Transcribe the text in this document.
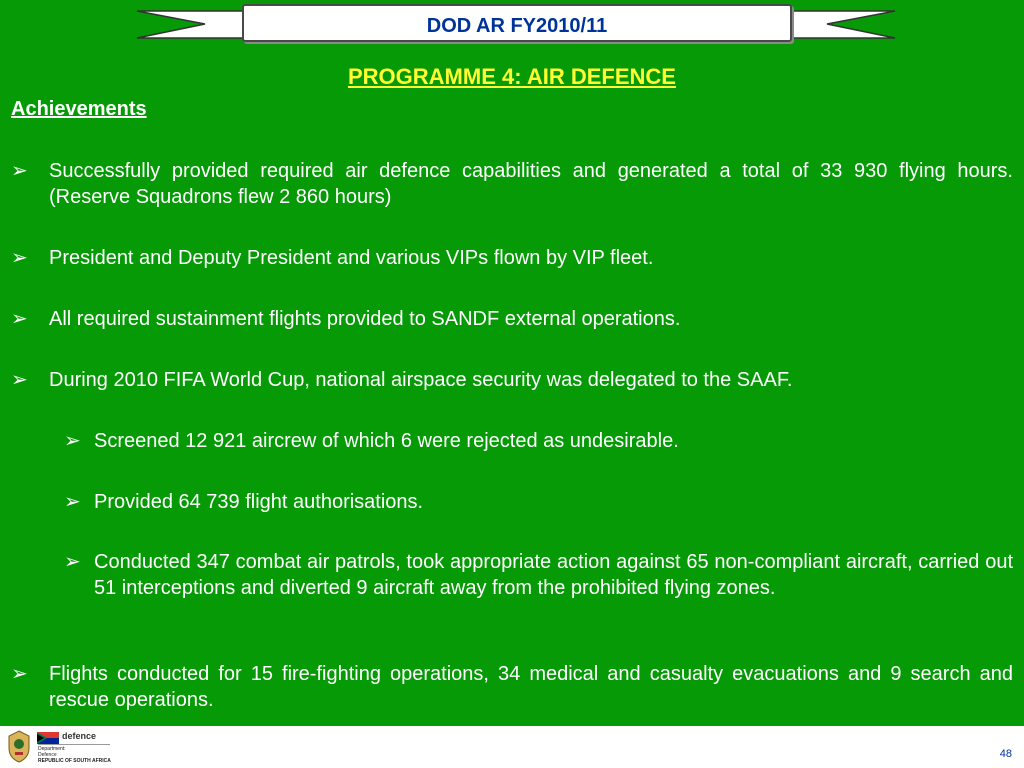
DOD AR FY2010/11
PROGRAMME 4: AIR DEFENCE
Achievements
➢ Successfully provided required air defence capabilities and generated a total of 33 930 flying hours. (Reserve Squadrons flew 2 860 hours)
➢ President and Deputy President and various VIPs flown by VIP fleet.
➢ All required sustainment flights provided to SANDF external operations.
➢ During 2010 FIFA World Cup, national airspace security was delegated to the SAAF.
➢ Screened 12 921 aircrew of which 6 were rejected as undesirable.
➢ Provided 64 739 flight authorisations.
➢ Conducted 347 combat air patrols, took appropriate action against 65 non-compliant aircraft, carried out 51 interceptions and diverted 9 aircraft away from the prohibited flying zones.
➢ Flights conducted for 15 fire-fighting operations, 34 medical and casualty evacuations and 9 search and rescue operations.
defence
Department:
Defence
REPUBLIC OF SOUTH AFRICA
48
